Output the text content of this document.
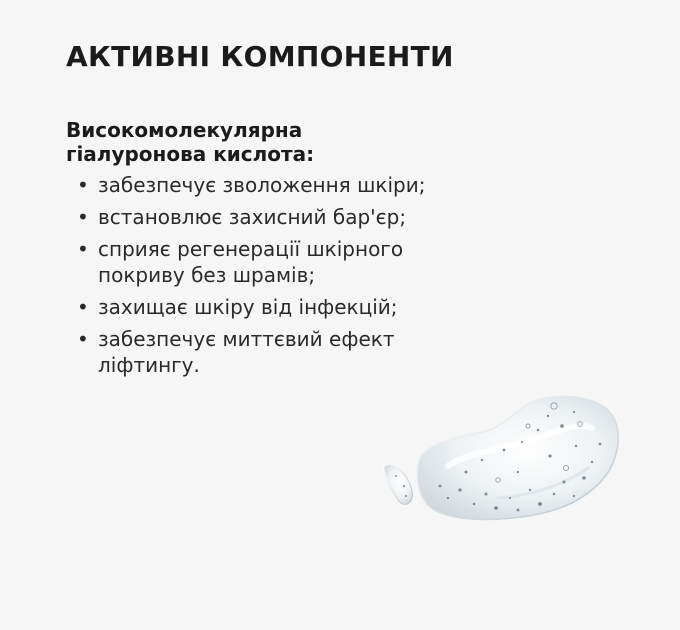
АКТИВНІ КОМПОНЕНТИ
Високомолекулярна
гіалуронова кислота:
• забезпечує зволоження шкіри;
• встановлює захисний бар'єр;
• сприяє регенерації шкірного
покриву без шрамів;
• захищає шкіру від інфекцій;
• забезпечує миттєвий ефект
ліфтингу.
